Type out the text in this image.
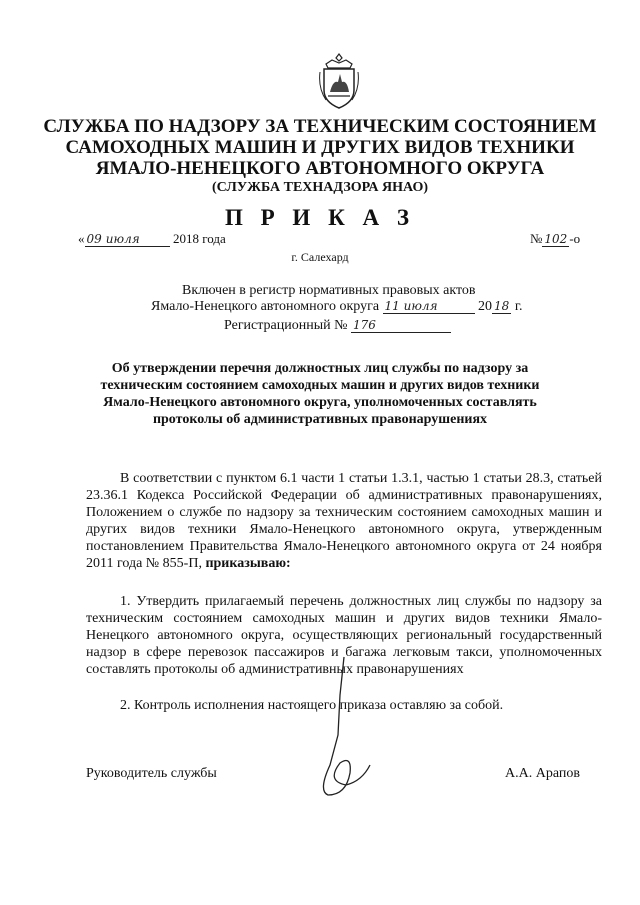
СЛУЖБА ПО НАДЗОРУ ЗА ТЕХНИЧЕСКИМ СОСТОЯНИЕМ
САМОХОДНЫХ МАШИН И ДРУГИХ ВИДОВ ТЕХНИКИ
ЯМАЛО-НЕНЕЦКОГО АВТОНОМНОГО ОКРУГА
(СЛУЖБА ТЕХНАДЗОРА ЯНАО)
П Р И К А З
« 09 июля	2018 года	№ 102 -о
г. Салехард
Включен в регистр нормативных правовых актов
Ямало-Ненецкого автономного округа 11 июля	20 18 г.
Регистрационный № 176
Об утверждении перечня должностных лиц службы по надзору за
техническим состоянием самоходных машин и других видов техники
Ямало-Ненецкого автономного округа, уполномоченных составлять
протоколы об административных правонарушениях
В соответствии с пунктом 6.1 части 1 статьи 1.3.1, частью 1 статьи 28.3, статьей 23.36.1 Кодекса Российской Федерации об административных правонарушениях, Положением о службе по надзору за техническим состоянием самоходных машин и других видов техники Ямало-Ненецкого автономного округа, утвержденным постановлением Правительства Ямало-Ненецкого автономного округа от 24 ноября 2011 года № 855-П, приказываю:
1. Утвердить прилагаемый перечень должностных лиц службы по надзору за техническим состоянием самоходных машин и других видов техники Ямало-Ненецкого автономного округа, осуществляющих региональный государственный надзор в сфере перевозок пассажиров и багажа легковым такси, уполномоченных составлять протоколы об административных правонарушениях
2. Контроль исполнения настоящего приказа оставляю за собой.
Руководитель службы	А.А. Арапов
